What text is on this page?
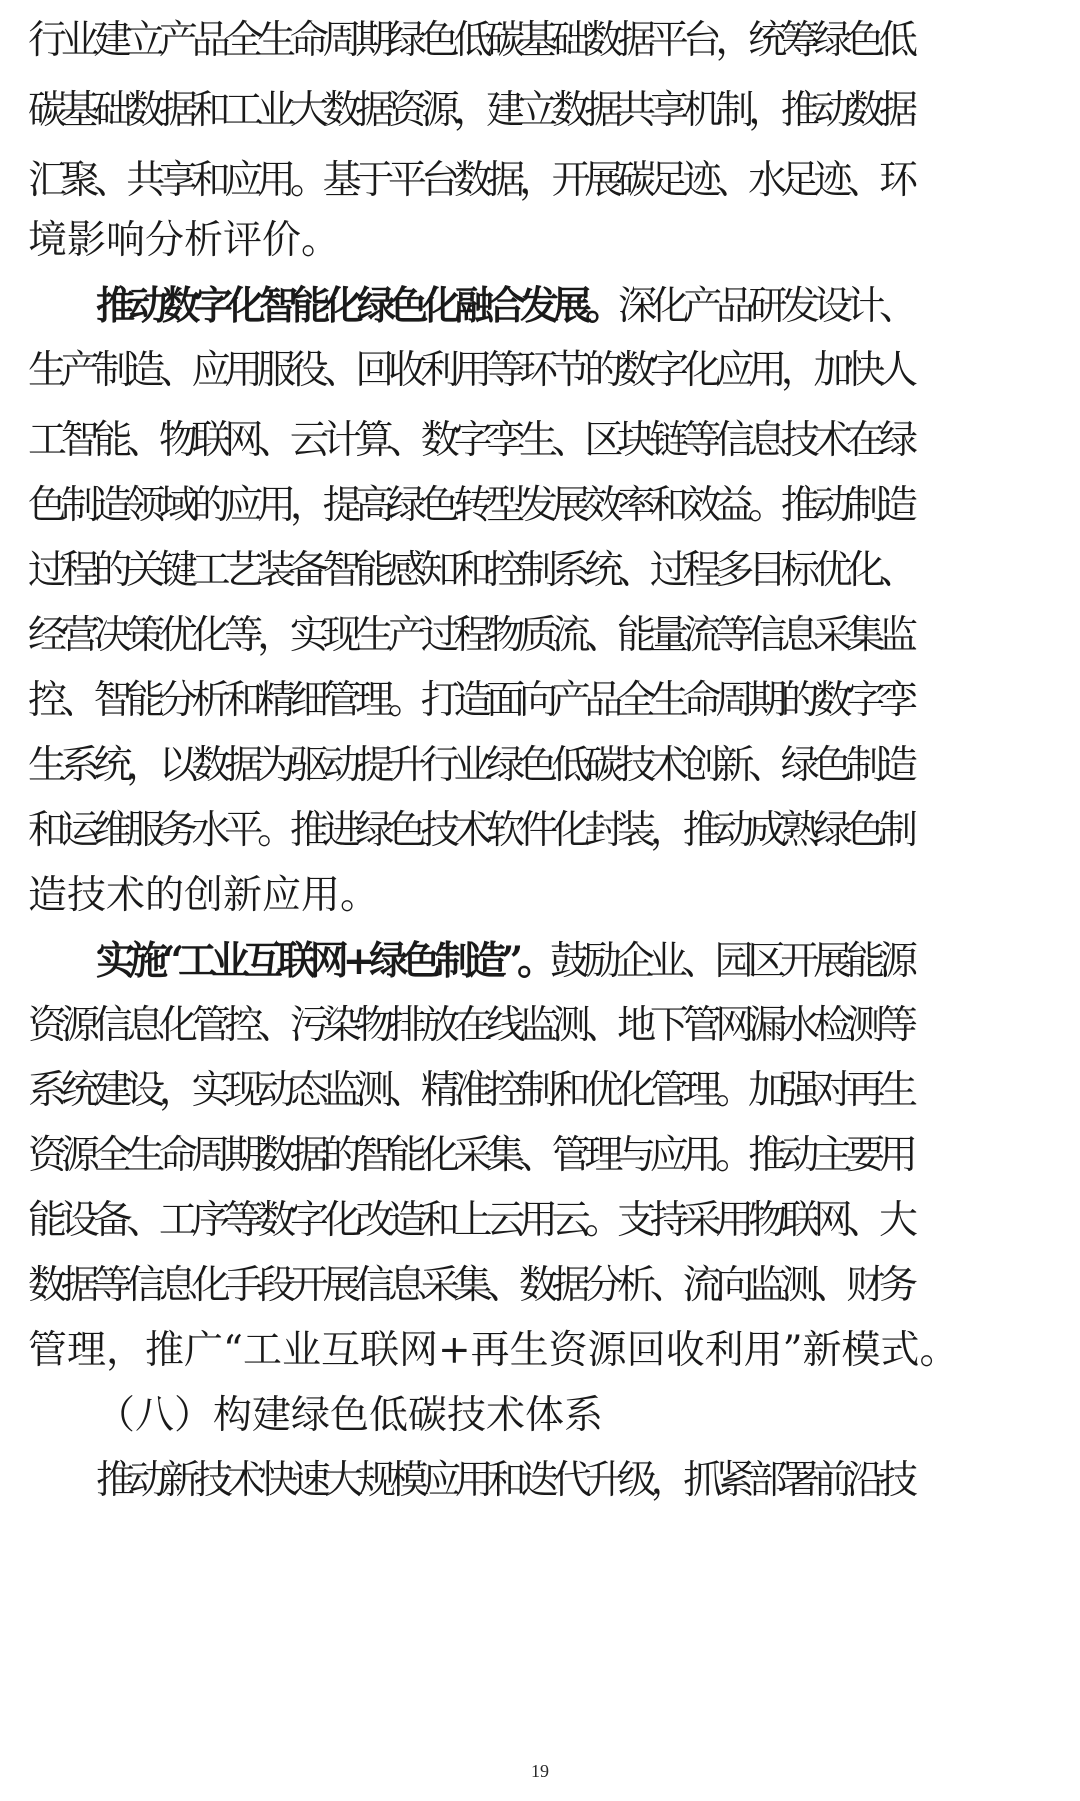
行业建立产品全生命周期绿色低碳基础数据平台，统筹绿色低
碳基础数据和工业大数据资源，建立数据共享机制，推动数据
汇聚、共享和应用。基于平台数据，开展碳足迹、水足迹、环
境影响分析评价。
推动数字化智能化绿色化融合发展。深化产品研发设计、
生产制造、应用服役、回收利用等环节的数字化应用，加快人
工智能、物联网、云计算、数字孪生、区块链等信息技术在绿
色制造领域的应用，提高绿色转型发展效率和效益。推动制造
过程的关键工艺装备智能感知和控制系统、过程多目标优化、
经营决策优化等，实现生产过程物质流、能量流等信息采集监
控、智能分析和精细管理。打造面向产品全生命周期的数字孪
生系统，以数据为驱动提升行业绿色低碳技术创新、绿色制造
和运维服务水平。推进绿色技术软件化封装，推动成熟绿色制
造技术的创新应用。
实施“工业互联网+绿色制造”。鼓励企业、园区开展能源
资源信息化管控、污染物排放在线监测、地下管网漏水检测等
系统建设，实现动态监测、精准控制和优化管理。加强对再生
资源全生命周期数据的智能化采集、管理与应用。推动主要用
能设备、工序等数字化改造和上云用云。支持采用物联网、大
数据等信息化手段开展信息采集、数据分析、流向监测、财务
管理，推广“工业互联网+再生资源回收利用”新模式。
（八）构建绿色低碳技术体系
推动新技术快速大规模应用和迭代升级，抓紧部署前沿技
19
